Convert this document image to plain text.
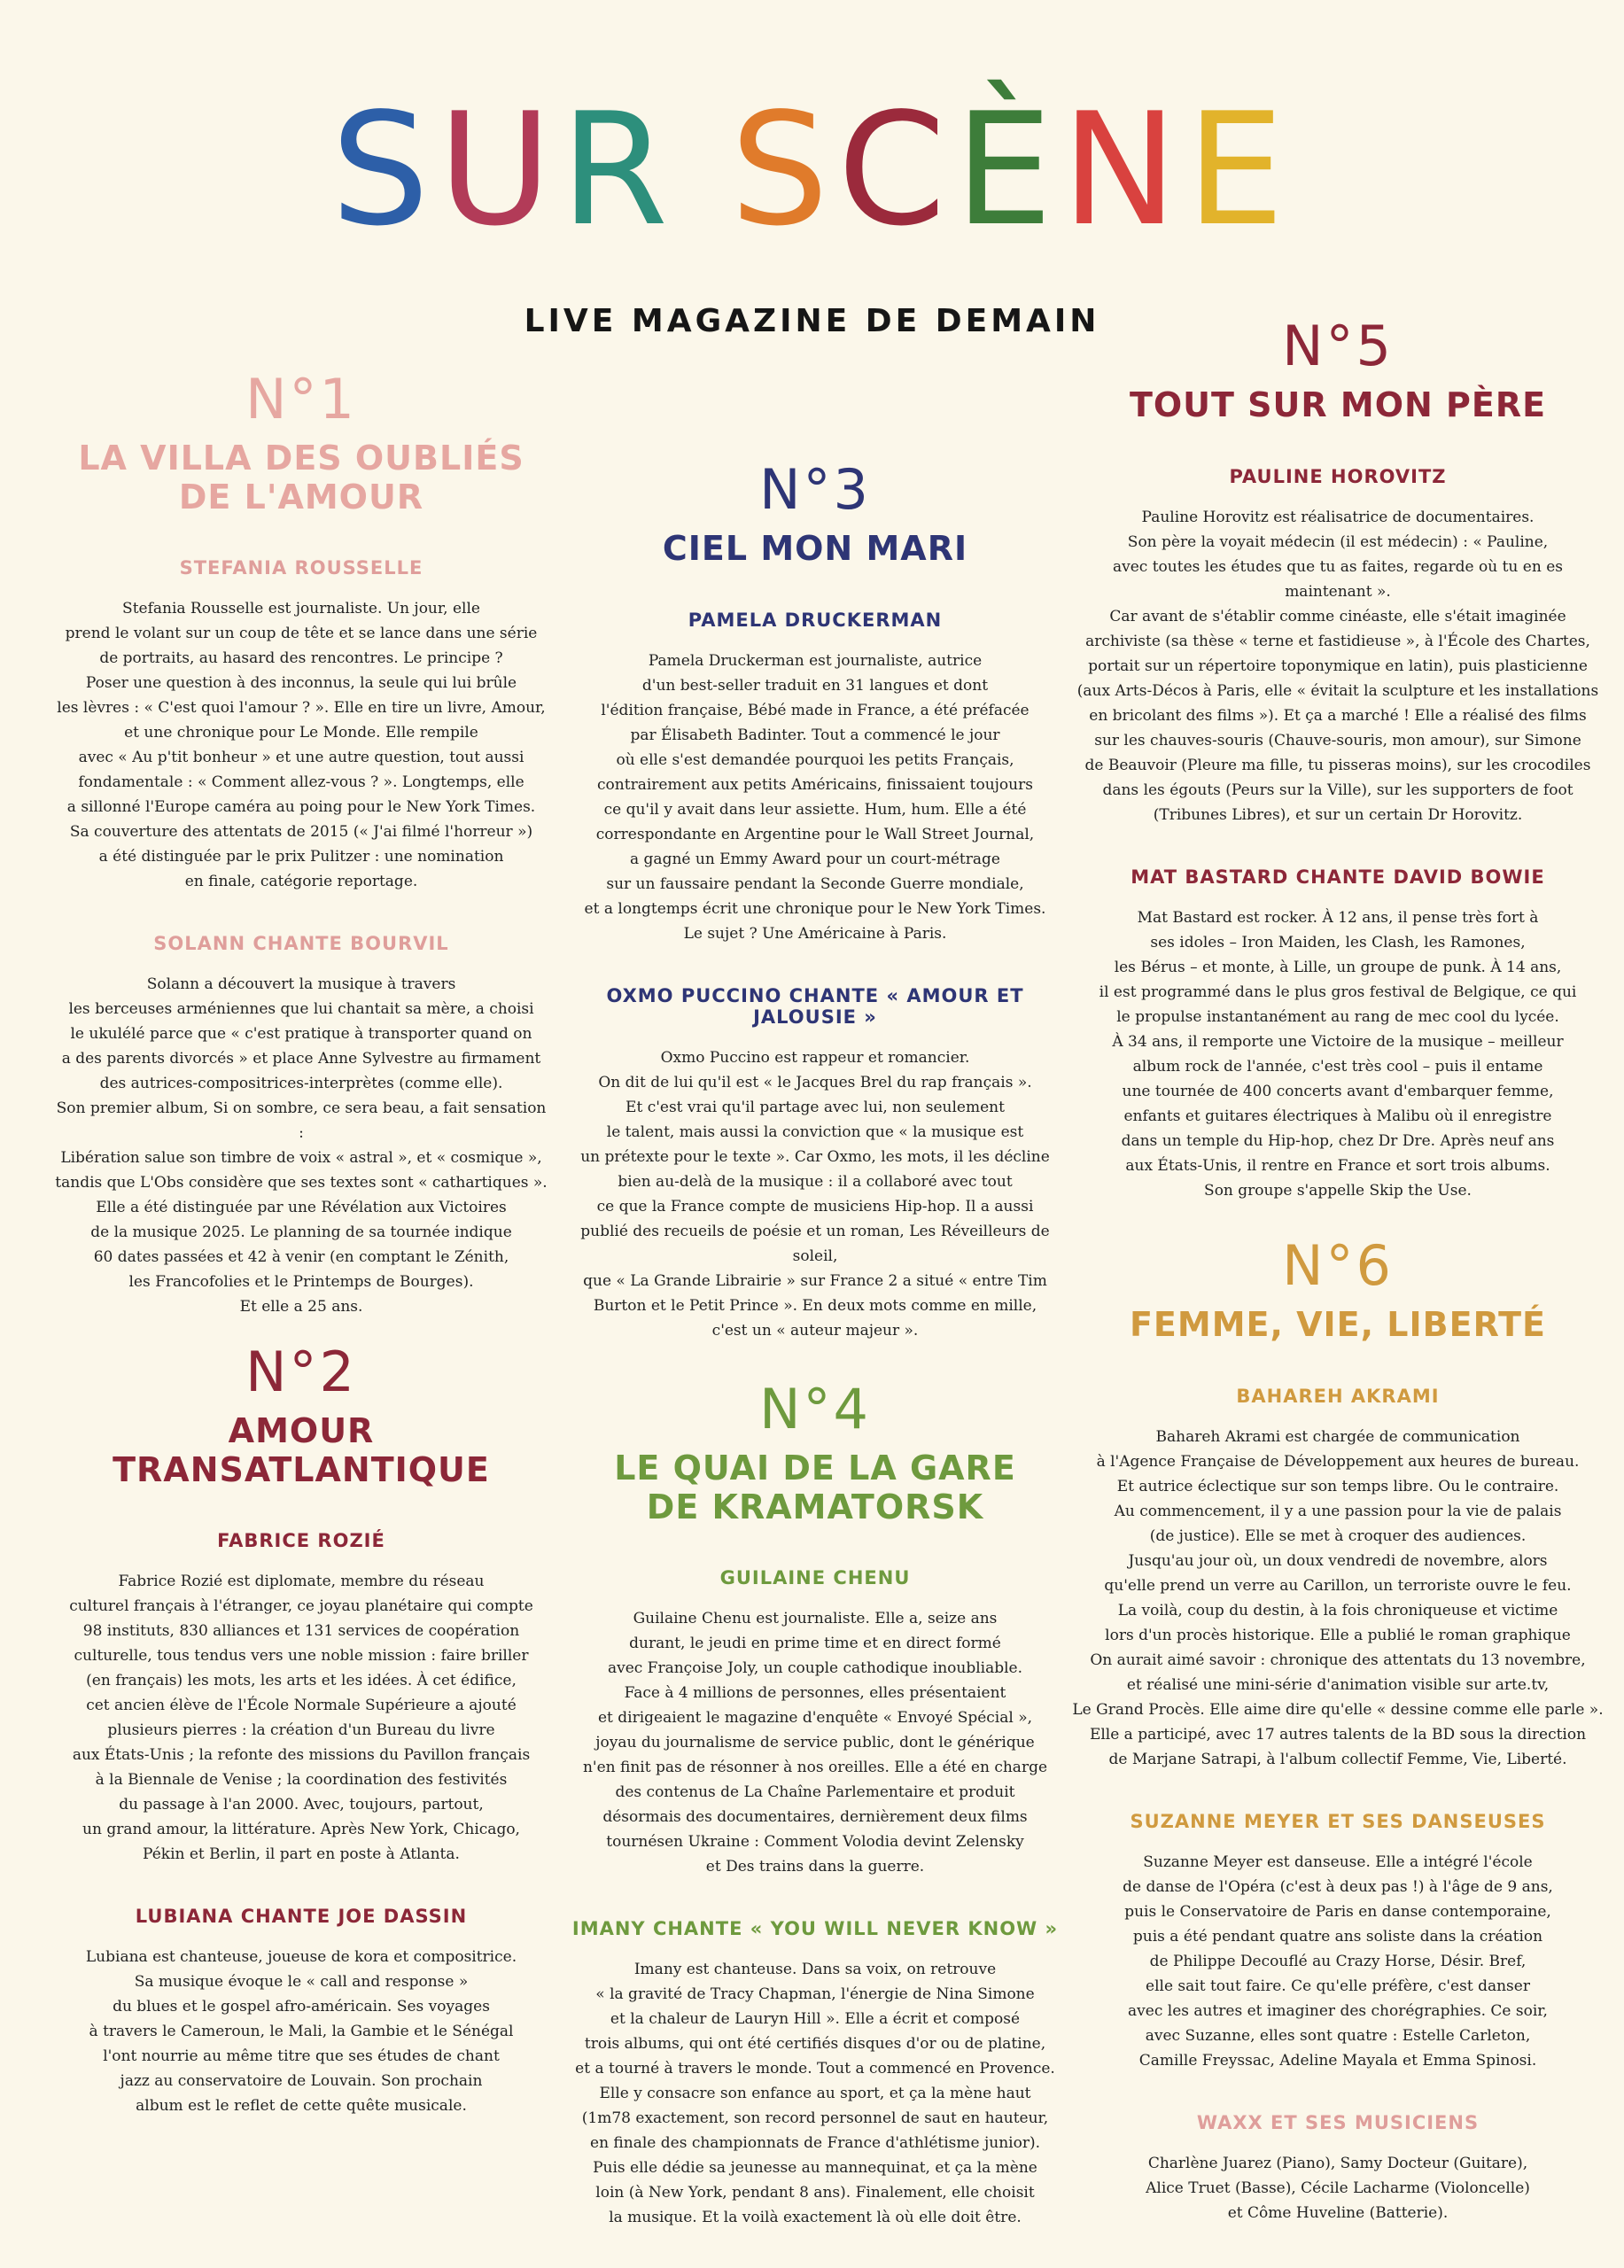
SUR SCÈNE
LIVE MAGAZINE DE DEMAIN
N°1
LA VILLA DES OUBLIÉS
DE L'AMOUR
STEFANIA ROUSSELLE

Stefania Rousselle est journaliste. Un jour, elle

prend le volant sur un coup de tête et se lance dans une série

de portraits, au hasard des rencontres. Le principe ?

Poser une question à des inconnus, la seule qui lui brûle

les lèvres : « C'est quoi l'amour ? ». Elle en tire un livre, Amour,

et une chronique pour Le Monde. Elle rempile

avec « Au p'tit bonheur » et une autre question, tout aussi

fondamentale : « Comment allez-vous ? ». Longtemps, elle

a sillonné l'Europe caméra au poing pour le New York Times.

Sa couverture des attentats de 2015 (« J'ai filmé l'horreur »)

a été distinguée par le prix Pulitzer : une nomination

en finale, catégorie reportage.

SOLANN CHANTE BOURVIL

Solann a découvert la musique à travers

les berceuses arméniennes que lui chantait sa mère, a choisi

le ukulélé parce que « c'est pratique à transporter quand on

a des parents divorcés » et place Anne Sylvestre au firmament

des autrices-compositrices-interprètes (comme elle).

Son premier album, Si on sombre, ce sera beau, a fait sensation :

Libération salue son timbre de voix « astral », et « cosmique »,

tandis que L'Obs considère que ses textes sont « cathartiques ».

Elle a été distinguée par une Révélation aux Victoires

de la musique 2025. Le planning de sa tournée indique

60 dates passées et 42 à venir (en comptant le Zénith,

les Francofolies et le Printemps de Bourges).

Et elle a 25 ans.

N°2
AMOUR TRANSATLANTIQUE
FABRICE ROZIÉ

Fabrice Rozié est diplomate, membre du réseau

culturel français à l'étranger, ce joyau planétaire qui compte

98 instituts, 830 alliances et 131 services de coopération

culturelle, tous tendus vers une noble mission : faire briller

(en français) les mots, les arts et les idées. À cet édifice,

cet ancien élève de l'École Normale Supérieure a ajouté

plusieurs pierres : la création d'un Bureau du livre

aux États-Unis ; la refonte des missions du Pavillon français

à la Biennale de Venise ; la coordination des festivités

du passage à l'an 2000. Avec, toujours, partout,

un grand amour, la littérature. Après New York, Chicago,

Pékin et Berlin, il part en poste à Atlanta.

LUBIANA CHANTE JOE DASSIN

Lubiana est chanteuse, joueuse de kora et compositrice.

Sa musique évoque le « call and response »

du blues et le gospel afro-américain. Ses voyages

à travers le Cameroun, le Mali, la Gambie et le Sénégal

l'ont nourrie au même titre que ses études de chant

jazz au conservatoire de Louvain. Son prochain

album est le reflet de cette quête musicale.

N°3
CIEL MON MARI
PAMELA DRUCKERMAN

Pamela Druckerman est journaliste, autrice

d'un best-seller traduit en 31 langues et dont

l'édition française, Bébé made in France, a été préfacée

par Élisabeth Badinter. Tout a commencé le jour

où elle s'est demandée pourquoi les petits Français,

contrairement aux petits Américains, finissaient toujours

ce qu'il y avait dans leur assiette. Hum, hum. Elle a été

correspondante en Argentine pour le Wall Street Journal,

a gagné un Emmy Award pour un court-métrage

sur un faussaire pendant la Seconde Guerre mondiale,

et a longtemps écrit une chronique pour le New York Times.

Le sujet ? Une Américaine à Paris.

OXMO PUCCINO CHANTE « AMOUR ET JALOUSIE »

Oxmo Puccino est rappeur et romancier.

On dit de lui qu'il est « le Jacques Brel du rap français ».

Et c'est vrai qu'il partage avec lui, non seulement

le talent, mais aussi la conviction que « la musique est

un prétexte pour le texte ». Car Oxmo, les mots, il les décline

bien au-delà de la musique : il a collaboré avec tout

ce que la France compte de musiciens Hip-hop. Il a aussi

publié des recueils de poésie et un roman, Les Réveilleurs de soleil,

que « La Grande Librairie » sur France 2 a situé « entre Tim

Burton et le Petit Prince ». En deux mots comme en mille,

c'est un « auteur majeur ».

N°4
LE QUAI DE LA GARE
DE KRAMATORSK
GUILAINE CHENU

Guilaine Chenu est journaliste. Elle a, seize ans

durant, le jeudi en prime time et en direct formé

avec Françoise Joly, un couple cathodique inoubliable.

Face à 4 millions de personnes, elles présentaient

et dirigeaient le magazine d'enquête « Envoyé Spécial »,

joyau du journalisme de service public, dont le générique

n'en finit pas de résonner à nos oreilles. Elle a été en charge

des contenus de La Chaîne Parlementaire et produit

désormais des documentaires, dernièrement deux films

tournésen Ukraine : Comment Volodia devint Zelensky

et Des trains dans la guerre.

IMANY CHANTE « YOU WILL NEVER KNOW »

Imany est chanteuse. Dans sa voix, on retrouve

« la gravité de Tracy Chapman, l'énergie de Nina Simone

et la chaleur de Lauryn Hill ». Elle a écrit et composé

trois albums, qui ont été certifiés disques d'or ou de platine,

et a tourné à travers le monde. Tout a commencé en Provence.

Elle y consacre son enfance au sport, et ça la mène haut

(1m78 exactement, son record personnel de saut en hauteur,

en finale des championnats de France d'athlétisme junior).

Puis elle dédie sa jeunesse au mannequinat, et ça la mène

loin (à New York, pendant 8 ans). Finalement, elle choisit

la musique. Et la voilà exactement là où elle doit être.

N°5
TOUT SUR MON PÈRE
PAULINE HOROVITZ

Pauline Horovitz est réalisatrice de documentaires.

Son père la voyait médecin (il est médecin) : « Pauline,

avec toutes les études que tu as faites, regarde où tu en es maintenant ».

Car avant de s'établir comme cinéaste, elle s'était imaginée

archiviste (sa thèse « terne et fastidieuse », à l'École des Chartes,

portait sur un répertoire toponymique en latin), puis plasticienne

(aux Arts-Décos à Paris, elle « évitait la sculpture et les installations

en bricolant des films »). Et ça a marché ! Elle a réalisé des films

sur les chauves-souris (Chauve-souris, mon amour), sur Simone

de Beauvoir (Pleure ma fille, tu pisseras moins), sur les crocodiles

dans les égouts (Peurs sur la Ville), sur les supporters de foot

(Tribunes Libres), et sur un certain Dr Horovitz.

MAT BASTARD CHANTE DAVID BOWIE

Mat Bastard est rocker. À 12 ans, il pense très fort à

ses idoles – Iron Maiden, les Clash, les Ramones,

les Bérus – et monte, à Lille, un groupe de punk. À 14 ans,

il est programmé dans le plus gros festival de Belgique, ce qui

le propulse instantanément au rang de mec cool du lycée.

À 34 ans, il remporte une Victoire de la musique – meilleur

album rock de l'année, c'est très cool – puis il entame

une tournée de 400 concerts avant d'embarquer femme,

enfants et guitares électriques à Malibu où il enregistre

dans un temple du Hip-hop, chez Dr Dre. Après neuf ans

aux États-Unis, il rentre en France et sort trois albums.

Son groupe s'appelle Skip the Use.

N°6
FEMME, VIE, LIBERTÉ
BAHAREH AKRAMI

Bahareh Akrami est chargée de communication

à l'Agence Française de Développement aux heures de bureau.

Et autrice éclectique sur son temps libre. Ou le contraire.

Au commencement, il y a une passion pour la vie de palais

(de justice). Elle se met à croquer des audiences.

Jusqu'au jour où, un doux vendredi de novembre, alors

qu'elle prend un verre au Carillon, un terroriste ouvre le feu.

La voilà, coup du destin, à la fois chroniqueuse et victime

lors d'un procès historique. Elle a publié le roman graphique

On aurait aimé savoir : chronique des attentats du 13 novembre,

et réalisé une mini-série d'animation visible sur arte.tv,

Le Grand Procès. Elle aime dire qu'elle « dessine comme elle parle ».

Elle a participé, avec 17 autres talents de la BD sous la direction

de Marjane Satrapi, à l'album collectif Femme, Vie, Liberté.

SUZANNE MEYER ET SES DANSEUSES

Suzanne Meyer est danseuse. Elle a intégré l'école

de danse de l'Opéra (c'est à deux pas !) à l'âge de 9 ans,

puis le Conservatoire de Paris en danse contemporaine,

puis a été pendant quatre ans soliste dans la création

de Philippe Decouflé au Crazy Horse, Désir. Bref,

elle sait tout faire. Ce qu'elle préfère, c'est danser

avec les autres et imaginer des chorégraphies. Ce soir,

avec Suzanne, elles sont quatre : Estelle Carleton,

Camille Freyssac, Adeline Mayala et Emma Spinosi.

WAXX ET SES MUSICIENS

Charlène Juarez (Piano), Samy Docteur (Guitare),

Alice Truet (Basse), Cécile Lacharme (Violoncelle)

et Côme Huveline (Batterie).
